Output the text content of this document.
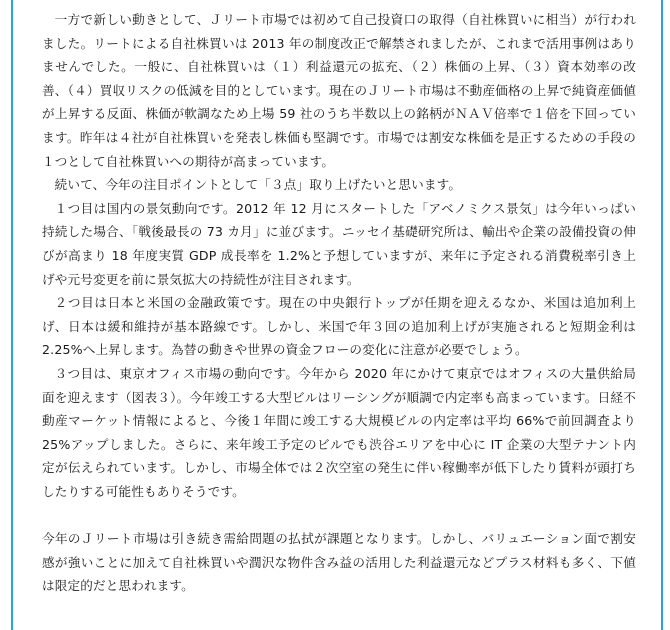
一方で新しい動きとして、Ｊリート市場では初めて自己投資口の取得（自社株買いに相当）が行われました。リートによる自社株買いは 2013 年の制度改正で解禁されましたが、これまで活用事例はありませんでした。一般に、自社株買いは（１）利益還元の拡充、（２）株価の上昇、（３）資本効率の改善、（４）買収リスクの低減を目的としています。現在のＪリート市場は不動産価格の上昇で純資産価値が上昇する反面、株価が軟調なため上場 59 社のうち半数以上の銘柄がＮＡＶ倍率で１倍を下回っています。昨年は４社が自社株買いを発表し株価も堅調です。市場では割安な株価を是正するための手段の１つとして自社株買いへの期待が高まっています。

続いて、今年の注目ポイントとして「３点」取り上げたいと思います。

１つ目は国内の景気動向です。2012 年 12 月にスタートした「アベノミクス景気」は今年いっぱい持続した場合、「戦後最長の 73 カ月」に並びます。ニッセイ基礎研究所は、輸出や企業の設備投資の伸びが高まり 18 年度実質 GDP 成長率を 1.2%と予想していますが、来年に予定される消費税率引き上げや元号変更を前に景気拡大の持続性が注目されます。

２つ目は日本と米国の金融政策です。現在の中央銀行トップが任期を迎えるなか、米国は追加利上げ、日本は緩和維持が基本路線です。しかし、米国で年３回の追加利上げが実施されると短期金利は 2.25%へ上昇します。為替の動きや世界の資金フローの変化に注意が必要でしょう。

３つ目は、東京オフィス市場の動向です。今年から 2020 年にかけて東京ではオフィスの大量供給局面を迎えます（図表３）。今年竣工する大型ビルはリーシングが順調で内定率も高まっています。日経不動産マーケット情報によると、今後１年間に竣工する大規模ビルの内定率は平均 66%で前回調査より 25%アップしました。さらに、来年竣工予定のビルでも渋谷エリアを中心に IT 企業の大型テナント内定が伝えられています。しかし、市場全体では２次空室の発生に伴い稼働率が低下したり賃料が頭打ちしたりする可能性もありそうです。

今年のＪリート市場は引き続き需給問題の払拭が課題となります。しかし、バリュエーション面で割安感が強いことに加えて自社株買いや潤沢な物件含み益の活用した利益還元などプラス材料も多く、下値は限定的だと思われます。
